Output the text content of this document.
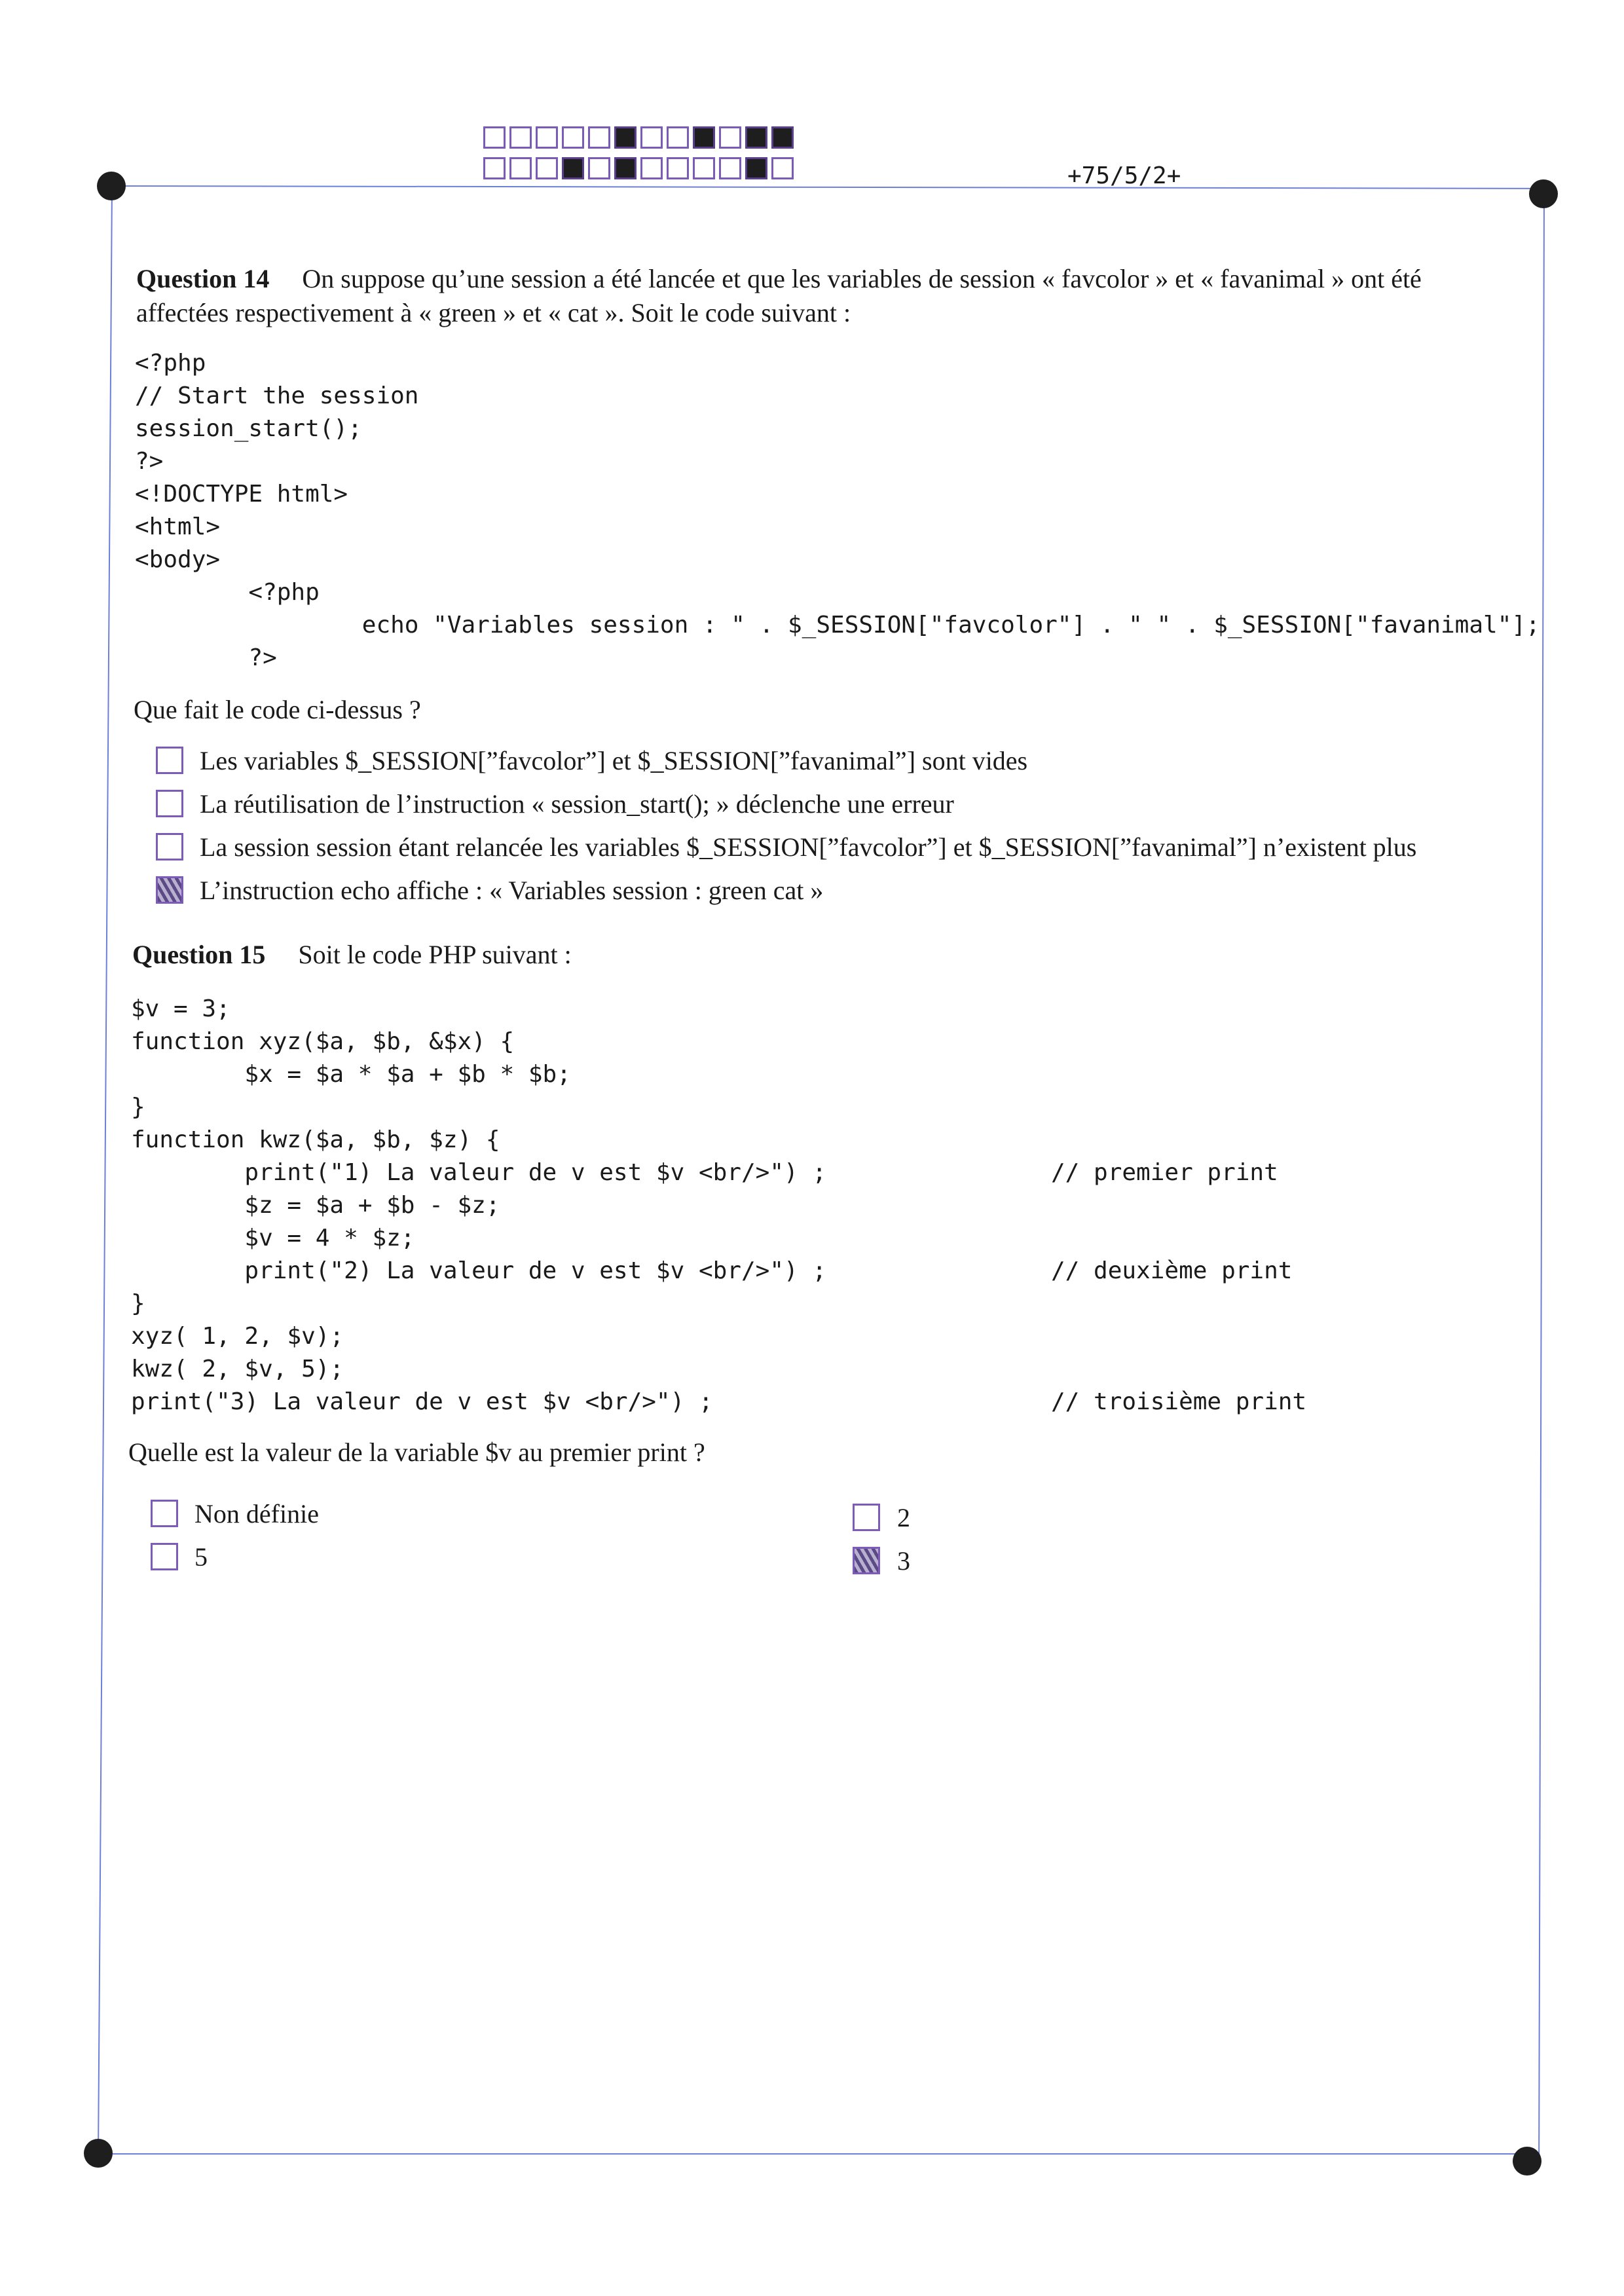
+75/5/2+
Question 14 On suppose qu’une session a été lancée et que les variables de session « favcolor » et « favanimal » ont été
affectées respectivement à « green » et « cat ». Soit le code suivant :
<?php
// Start the session
session_start();
?>
<!DOCTYPE html>
<html>
<body>
<?php
echo "Variables session : " . $_SESSION["favcolor"] . " " . $_SESSION["favanimal"];
?>
Que fait le code ci-dessus ?
Les variables $_SESSION[”favcolor”] et $_SESSION[”favanimal”] sont vides
La réutilisation de l’instruction « session_start(); » déclenche une erreur
La session session étant relancée les variables $_SESSION[”favcolor”] et $_SESSION[”favanimal”] n’existent plus
L’instruction echo affiche : « Variables session : green cat »
Question 15 Soit le code PHP suivant :
$v = 3;
function xyz($a, $b, &$x) {
$x = $a * $a + $b * $b;
}
function kwz($a, $b, $z) {
print("1) La valeur de v est $v <br/>") ;
$z = $a + $b - $z;
$v = 4 * $z;
print("2) La valeur de v est $v <br/>") ;
}
xyz( 1, 2, $v);
kwz( 2, $v, 5);
print("3) La valeur de v est $v <br/>") ;
// premier print
// deuxième print
// troisième print
Quelle est la valeur de la variable $v au premier print ?
Non définie	2
5	3
